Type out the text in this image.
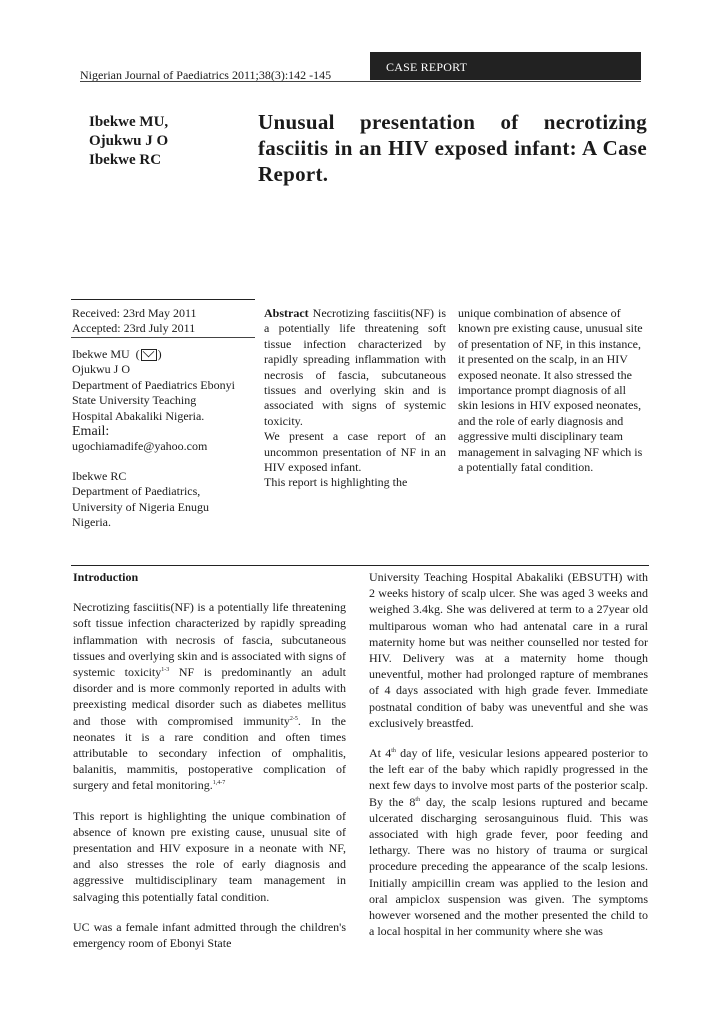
Nigerian Journal of Paediatrics 2011;38(3):142 -145
CASE REPORT
Ibekwe MU,
Ojukwu J O
Ibekwe RC
Unusual presentation of necrotizing fasciitis in an HIV exposed infant: A Case Report.
Received: 23rd May 2011
Accepted: 23rd July 2011
Ibekwe MU  ( )
Ojukwu J O
Department of Paediatrics Ebonyi
State University Teaching
Hospital Abakaliki Nigeria.
Email:
ugochiamadife@yahoo.com
Ibekwe RC
Department of Paediatrics,
University of Nigeria Enugu
Nigeria.
Abstract Necrotizing fasciitis(NF) is a potentially life threatening soft tissue infection characterized by rapidly spreading inflammation with necrosis of fascia, subcutaneous tissues and overlying skin and is associated with signs of systemic toxicity.
We present a case report of an uncommon presentation of NF in an HIV exposed infant.
This report is highlighting the
unique combination of absence of known pre existing cause, unusual site of presentation of NF, in this instance, it presented on the scalp, in an HIV exposed neonate. It also stressed the importance prompt diagnosis of all skin lesions in HIV exposed neonates, and the role of early diagnosis and aggressive multi disciplinary team management in salvaging NF which is a potentially fatal condition.

Introduction

Necrotizing fasciitis(NF) is a potentially life threatening soft tissue infection characterized by rapidly spreading inflammation with necrosis of fascia, subcutaneous tissues and overlying skin and is associated with signs of systemic toxicity$^{1-3}$ NF is predominantly an adult disorder and is more commonly reported in adults with preexisting medical disorder such as diabetes mellitus and those with compromised immunity$^{2-5}$. In the neonates it is a rare condition and often times attributable to secondary infection of omphalitis, balanitis, mammitis, postoperative complication of surgery and fetal monitoring.$^{1,4-7}$

This report is highlighting the unique combination of absence of known pre existing cause, unusual site of presentation and HIV exposure in a neonate with NF, and also stresses the role of early diagnosis and aggressive multidisciplinary team management in salvaging this potentially fatal condition.

UC was a female infant admitted through the children's emergency room of Ebonyi State

University Teaching Hospital Abakaliki (EBSUTH) with 2 weeks history of scalp ulcer. She was aged 3 weeks and weighed 3.4kg. She was delivered at term to a 27year old multiparous woman who had antenatal care in a rural maternity home but was neither counselled nor tested for HIV. Delivery was at a maternity home though uneventful, mother had prolonged rapture of membranes of 4 days associated with high grade fever. Immediate postnatal condition of baby was uneventful and she was exclusively breastfed.

At 4th day of life, vesicular lesions appeared posterior to the left ear of the baby which rapidly progressed in the next few days to involve most parts of the posterior scalp. By the 8th day, the scalp lesions ruptured and became ulcerated discharging serosanguinous fluid. This was associated with high grade fever, poor feeding and lethargy. There was no history of trauma or surgical procedure preceding the appearance of the scalp lesions. Initially ampicillin cream was applied to the lesion and oral ampiclox suspension was given. The symptoms however worsened and the mother presented the child to a local hospital in her community where she was
